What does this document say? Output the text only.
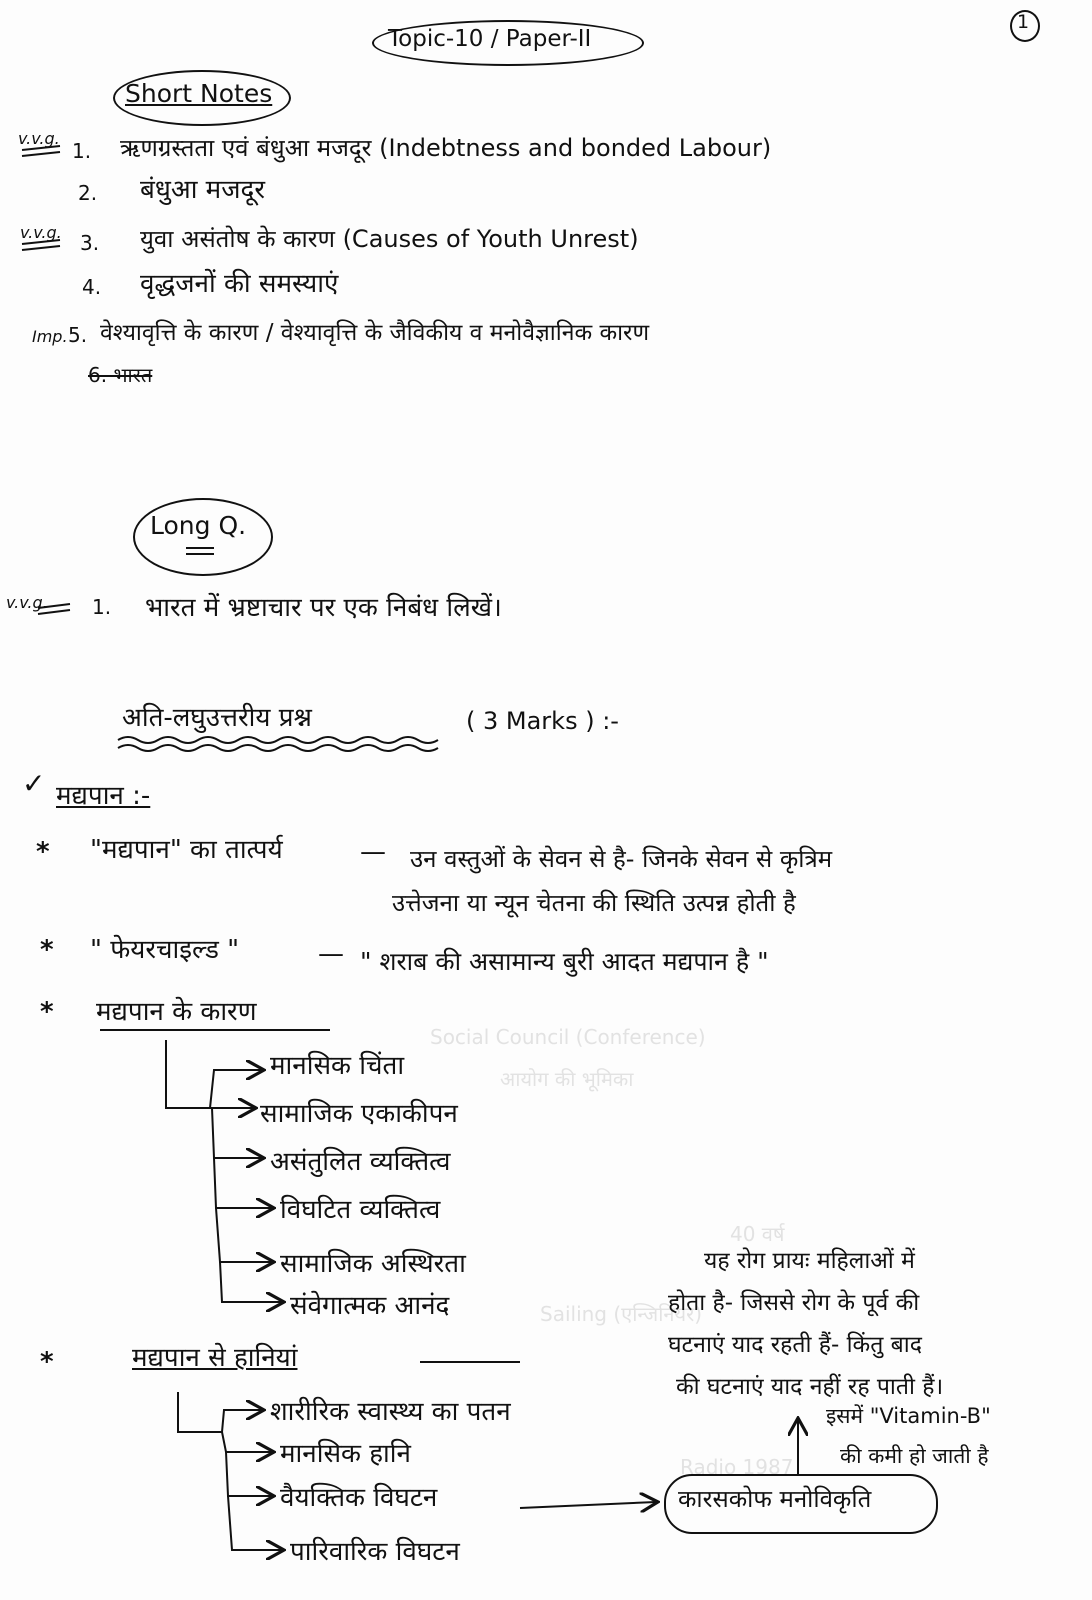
Social Council (Conference)
आयोग की भूमिका
40 वर्ष
Sailing (एन्जिनियर)
Radio 1987
Topic-10 / Paper-II
1
Short Notes
v.v.g.
1. ऋणग्रस्तता एवं बंधुआ मजदूर (Indebtness and bonded Labour)
2. बंधुआ मजदूर
v.v.g. 3. युवा असंतोष के कारण (Causes of Youth Unrest)
4. वृद्धजनों की समस्याएं
Imp. 5. वेश्यावृत्ति के कारण / वेश्यावृत्ति के जैविकीय व मनोवैज्ञानिक कारण
6. भारत
Long Q.
v.v.g. 1. भारत में भ्रष्टाचार पर एक निबंध लिखें।
अति-लघुउत्तरीय प्रश्न	( 3 Marks ) :-
✓ मद्यपान :-
* "मद्यपान" का तात्पर्य	— उन वस्तुओं के सेवन से है- जिनके सेवन से कृत्रिम
उत्तेजना या न्यून चेतना की स्थिति उत्पन्न होती है
* " फेयरचाइल्ड "	— " शराब की असामान्य बुरी आदत मद्यपान है "
* मद्यपान के कारण
मानसिक चिंता
सामाजिक एकाकीपन
असंतुलित व्यक्तित्व
विघटित व्यक्तित्व
सामाजिक अस्थिरता
संवेगात्मक आनंद
*	मद्यपान से हानियां
शारीरिक स्वास्थ्य का पतन
मानसिक हानि
वैयक्तिक विघटन
पारिवारिक विघटन
यह रोग प्रायः महिलाओं में
होता है- जिससे रोग के पूर्व की
घटनाएं याद रहती हैं- किंतु बाद
की घटनाएं याद नहीं रह पाती हैं।
इसमें "Vitamin-B"
की कमी हो जाती है
कारसकोफ मनोविकृति
